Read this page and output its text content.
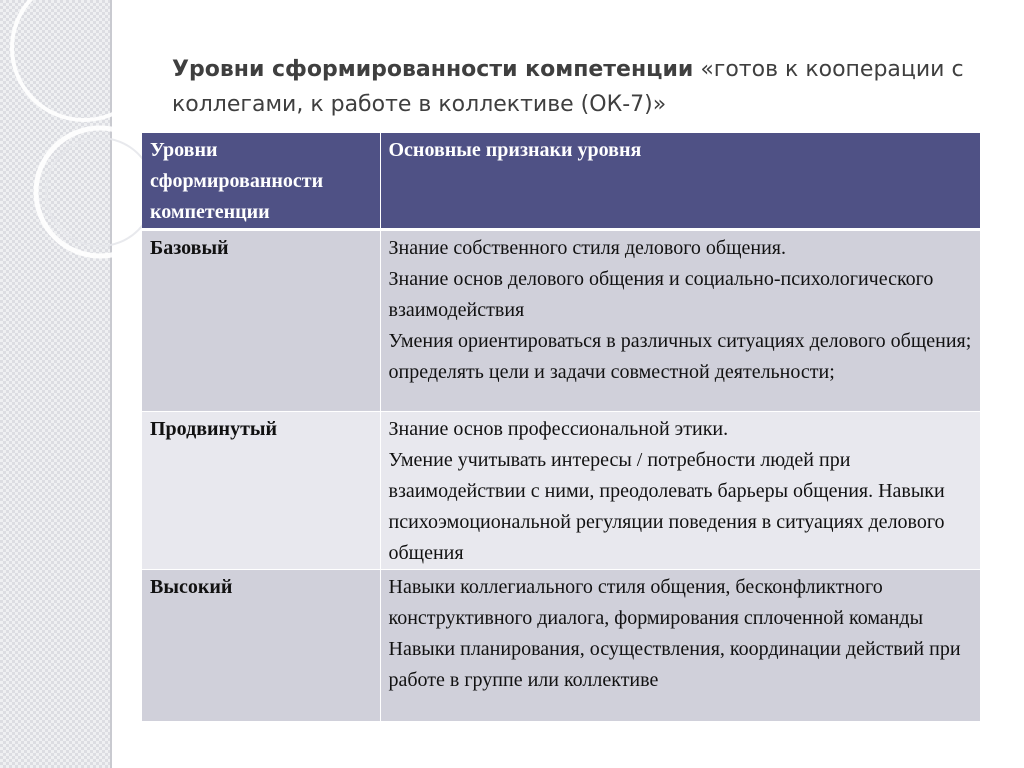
Уровни сформированности компетенции «готов к кооперации с коллегами, к работе в коллективе (ОК-7)»
Уровни сформированности компетенции	Основные признаки уровня
Базовый	Знание собственного стиля делового общения.
Знание основ делового общения и социально-психологического взаимодействия
Умения ориентироваться в различных ситуациях делового общения; определять цели и задачи совместной деятельности;

Продвинутый	Знание основ профессиональной этики.
Умение учитывать интересы / потребности людей при взаимодействии с ними, преодолевать барьеры общения. Навыки психоэмоциональной регуляции поведения в ситуациях делового общения

Высокий	Навыки коллегиального стиля общения, бесконфликтного конструктивного диалога, формирования сплоченной команды
Навыки планирования, осуществления, координации действий при работе в группе или коллективе
